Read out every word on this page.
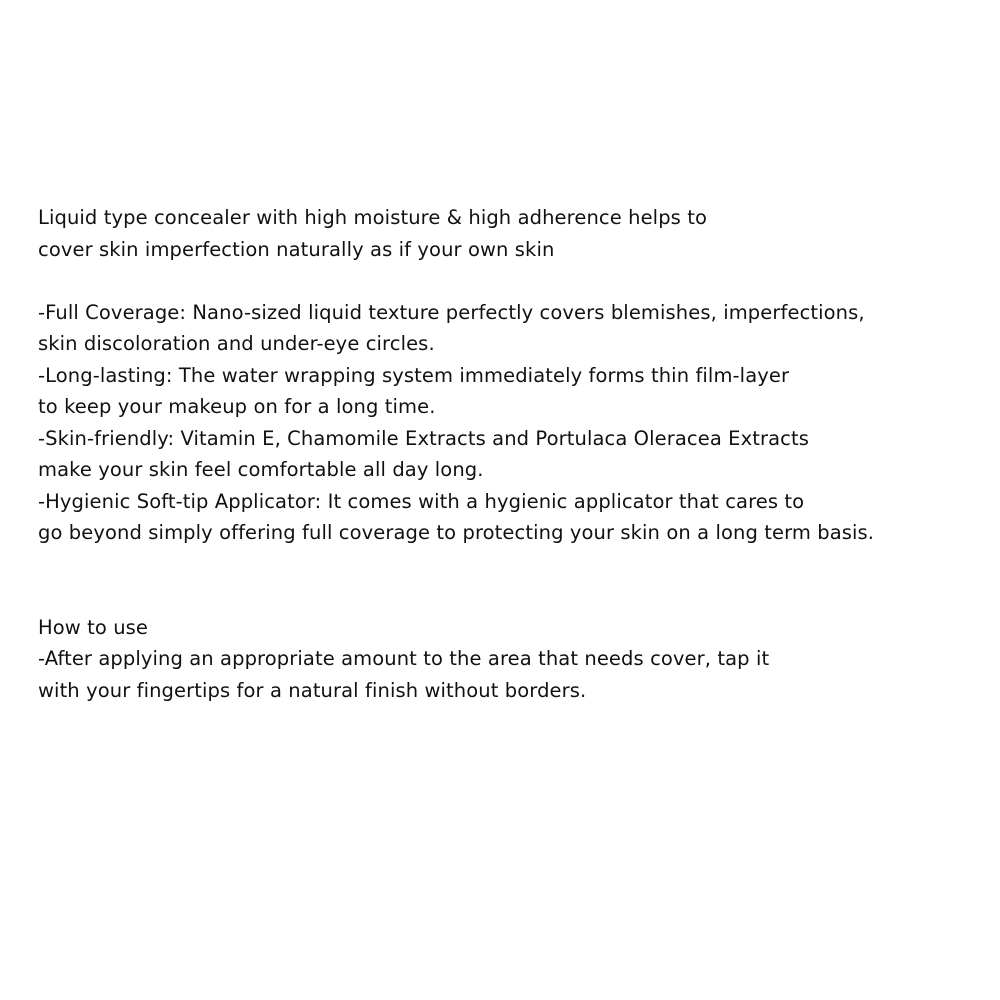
Liquid type concealer with high moisture & high adherence helps to
cover skin imperfection naturally as if your own skin
-Full Coverage: Nano-sized liquid texture perfectly covers blemishes, imperfections,
skin discoloration and under-eye circles.
-Long-lasting: The water wrapping system immediately forms thin film-layer
to keep your makeup on for a long time.
-Skin-friendly: Vitamin E, Chamomile Extracts and Portulaca Oleracea Extracts
make your skin feel comfortable all day long.
-Hygienic Soft-tip Applicator: It comes with a hygienic applicator that cares to
go beyond simply offering full coverage to protecting your skin on a long term basis.
How to use
-After applying an appropriate amount to the area that needs cover, tap it
with your fingertips for a natural finish without borders.
